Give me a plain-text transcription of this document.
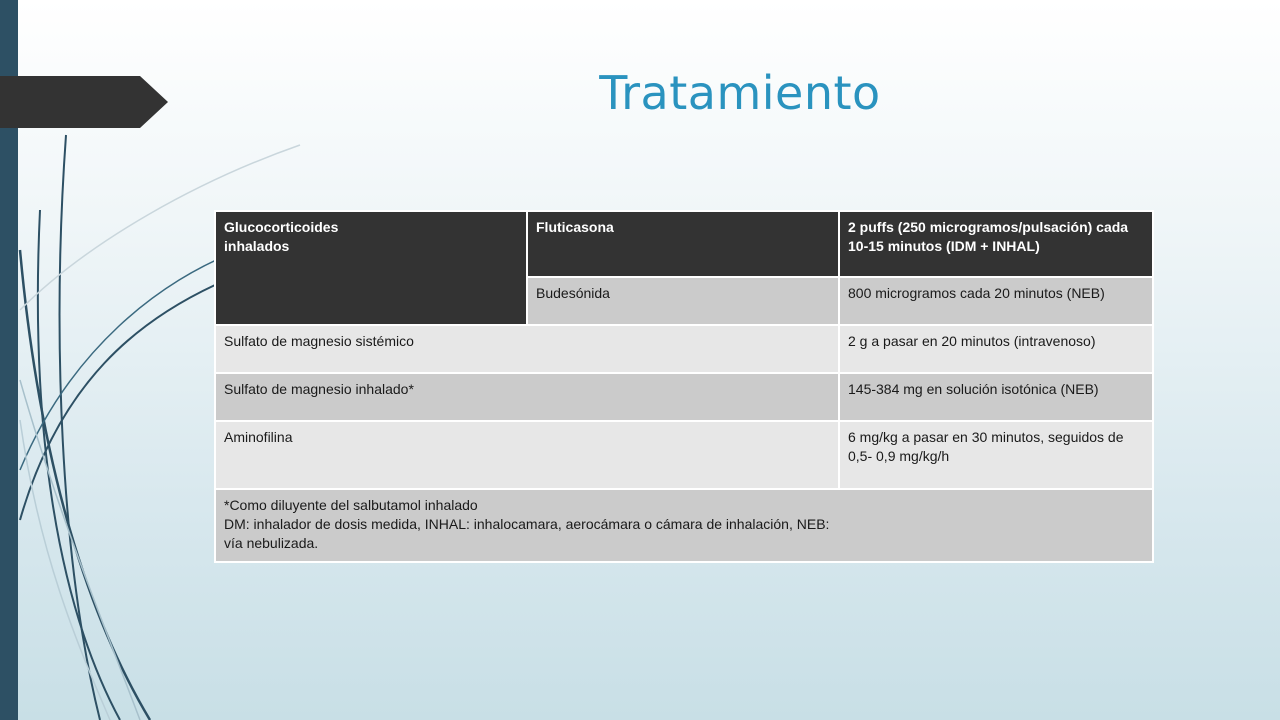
Tratamiento
Glucocorticoides
inhalados	Fluticasona	2 puffs (250 microgramos/pulsación) cada 10-15 minutos (IDM + INHAL)
	Budesónida	800 microgramos cada 20 minutos (NEB)
Sulfato de magnesio sistémico		2 g a pasar en 20 minutos (intravenoso)
Sulfato de magnesio inhalado*		145-384 mg en solución isotónica (NEB)
Aminofilina		6 mg/kg a pasar en 30 minutos, seguidos de 0,5- 0,9 mg/kg/h

*Como diluyente del salbutamol inhalado
DM: inhalador de dosis medida, INHAL: inhalocamara, aerocámara o cámara de inhalación, NEB:
vía nebulizada.		
